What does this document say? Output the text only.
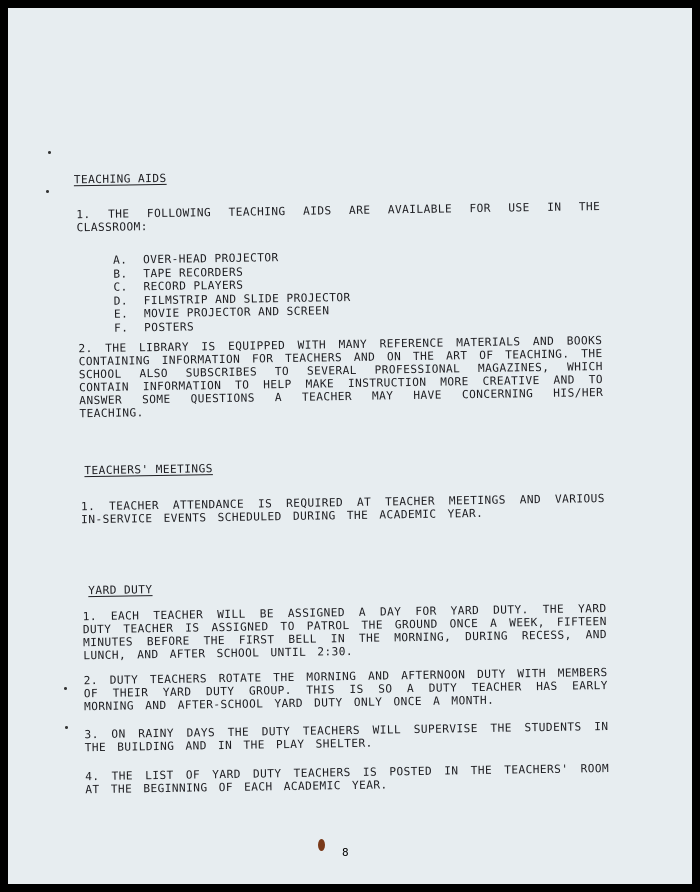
TEACHING AIDS
1. THE FOLLOWING TEACHING AIDS ARE AVAILABLE FOR USE IN THE CLASSROOM:
A. OVER-HEAD PROJECTOR
B. TAPE RECORDERS
C. RECORD PLAYERS
D. FILMSTRIP AND SLIDE PROJECTOR
E. MOVIE PROJECTOR AND SCREEN
F. POSTERS
2. THE LIBRARY IS EQUIPPED WITH MANY REFERENCE MATERIALS AND BOOKS CONTAINING INFORMATION FOR TEACHERS AND ON THE ART OF TEACHING. THE SCHOOL ALSO SUBSCRIBES TO SEVERAL PROFESSIONAL MAGAZINES, WHICH CONTAIN INFORMATION TO HELP MAKE INSTRUCTION MORE CREATIVE AND TO ANSWER SOME QUESTIONS A TEACHER MAY HAVE CONCERNING HIS/HER TEACHING.
TEACHERS' MEETINGS
1. TEACHER ATTENDANCE IS REQUIRED AT TEACHER MEETINGS AND VARIOUS IN-SERVICE EVENTS SCHEDULED DURING THE ACADEMIC YEAR.
YARD DUTY
1. EACH TEACHER WILL BE ASSIGNED A DAY FOR YARD DUTY. THE YARD DUTY TEACHER IS ASSIGNED TO PATROL THE GROUND ONCE A WEEK, FIFTEEN MINUTES BEFORE THE FIRST BELL IN THE MORNING, DURING RECESS, AND LUNCH, AND AFTER SCHOOL UNTIL 2:30.
2. DUTY TEACHERS ROTATE THE MORNING AND AFTERNOON DUTY WITH MEMBERS OF THEIR YARD DUTY GROUP. THIS IS SO A DUTY TEACHER HAS EARLY MORNING AND AFTER-SCHOOL YARD DUTY ONLY ONCE A MONTH.
3. ON RAINY DAYS THE DUTY TEACHERS WILL SUPERVISE THE STUDENTS IN THE BUILDING AND IN THE PLAY SHELTER.
4. THE LIST OF YARD DUTY TEACHERS IS POSTED IN THE TEACHERS' ROOM AT THE BEGINNING OF EACH ACADEMIC YEAR.
8
